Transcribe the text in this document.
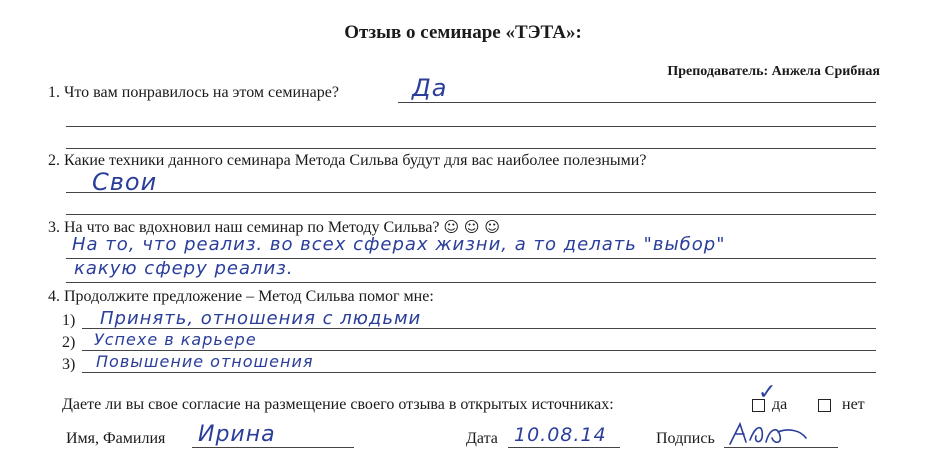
Отзыв о семинаре «ТЭТА»:
Преподаватель: Анжела Срибная
1. Что вам понравилось на этом семинаре?	Да
2. Какие техники данного семинара Метода Сильва будут для вас наиболее полезными?
Свои
3. На что вас вдохновил наш семинар по Методу Сильва? ☺ ☺ ☺
На то, что реализ. во всех сферах жизни, а то делать "выбор"
какую сферу реализ.
4. Продолжите предложение – Метод Сильва помог мне:
1) Принять, отношения с людьми
2) Успехе в карьере
3) Повышение отношения
Даете ли вы свое согласие на размещение своего отзыва в открытых источниках:	✓
да	нет
Имя, Фамилия Ирина	Дата 10.08.14	Подпись
